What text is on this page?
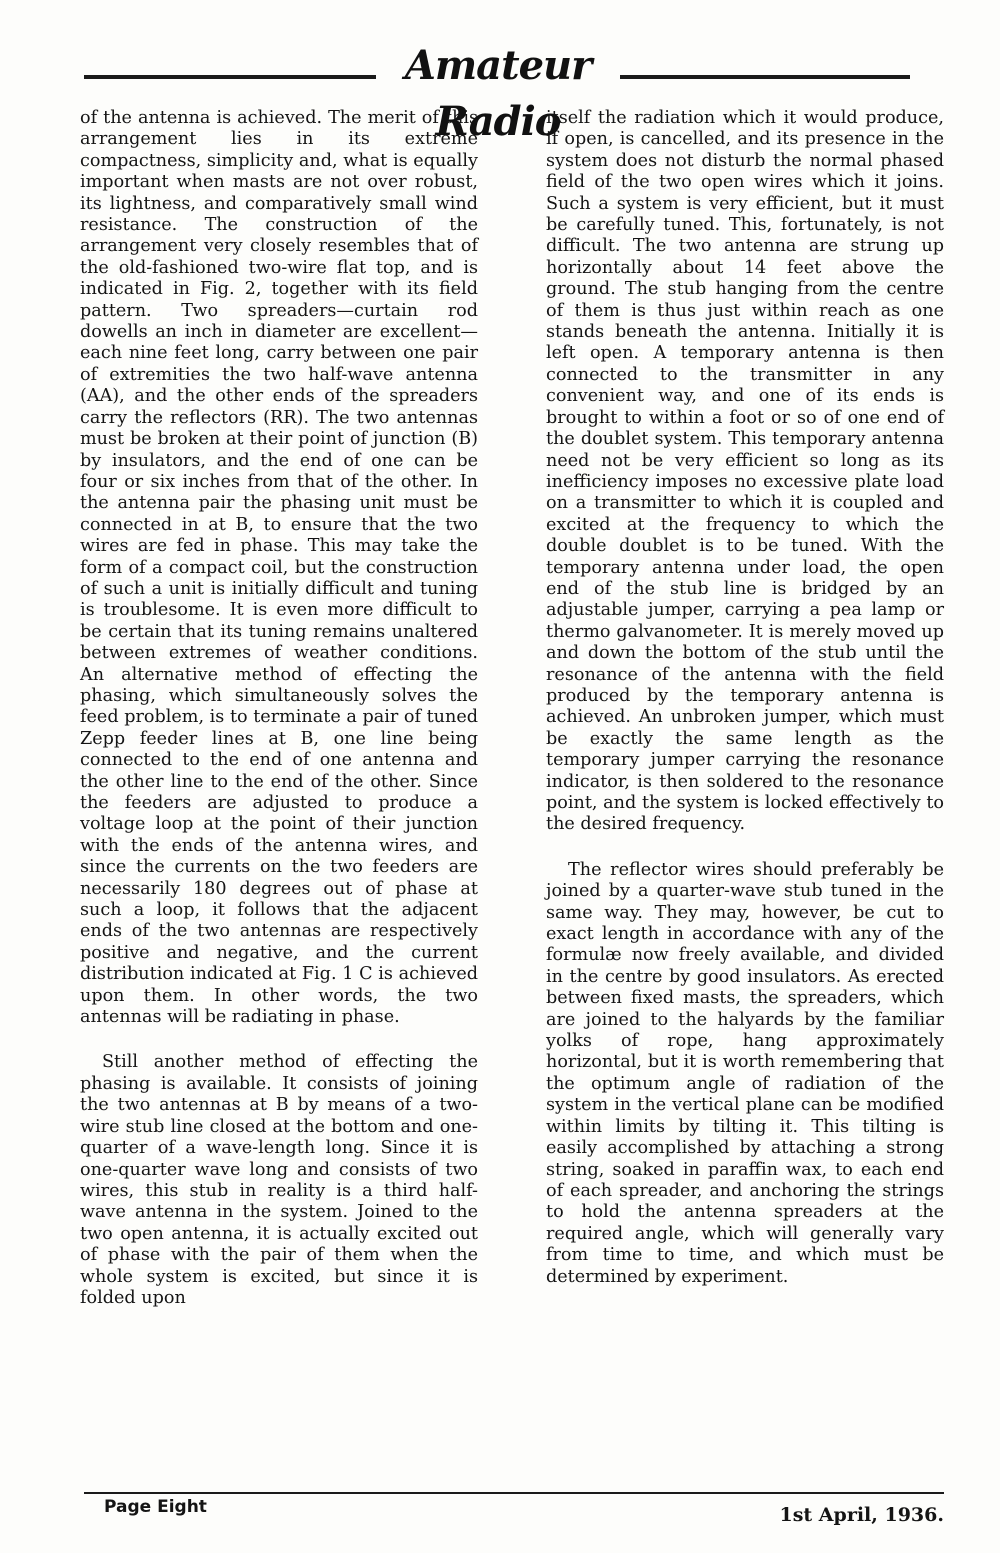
Amateur Radio

of the antenna is achieved. The merit of this arrangement lies in its extreme compactness, simplicity and, what is equally important when masts are not over robust, its lightness, and comparatively small wind resistance. The construction of the arrangement very closely resembles that of the old-fashioned two-wire flat top, and is indicated in Fig. 2, together with its field pattern. Two spreaders—curtain rod dowells an inch in diameter are excellent—each nine feet long, carry between one pair of extremities the two half-wave antenna (AA), and the other ends of the spreaders carry the reflectors (RR). The two antennas must be broken at their point of junction (B) by insulators, and the end of one can be four or six inches from that of the other. In the antenna pair the phasing unit must be connected in at B, to ensure that the two wires are fed in phase. This may take the form of a compact coil, but the construction of such a unit is initially difficult and tuning is troublesome. It is even more difficult to be certain that its tuning remains unaltered between extremes of weather conditions. An alternative method of effecting the phasing, which simultaneously solves the feed problem, is to terminate a pair of tuned Zepp feeder lines at B, one line being connected to the end of one antenna and the other line to the end of the other. Since the feeders are adjusted to produce a voltage loop at the point of their junction with the ends of the antenna wires, and since the currents on the two feeders are necessarily 180 degrees out of phase at such a loop, it follows that the adjacent ends of the two antennas are respectively positive and negative, and the current distribution indicated at Fig. 1 C is achieved upon them. In other words, the two antennas will be radiating in phase.

Still another method of effecting the phasing is available. It consists of joining the two antennas at B by means of a two-wire stub line closed at the bottom and one-quarter of a wave-length long. Since it is one-quarter wave long and consists of two wires, this stub in reality is a third half-wave antenna in the system. Joined to the two open antenna, it is actually excited out of phase with the pair of them when the whole system is excited, but since it is folded upon

itself the radiation which it would produce, if open, is cancelled, and its presence in the system does not disturb the normal phased field of the two open wires which it joins. Such a system is very efficient, but it must be carefully tuned. This, fortunately, is not difficult. The two antenna are strung up horizontally about 14 feet above the ground. The stub hanging from the centre of them is thus just within reach as one stands beneath the antenna. Initially it is left open. A temporary antenna is then connected to the transmitter in any convenient way, and one of its ends is brought to within a foot or so of one end of the doublet system. This temporary antenna need not be very efficient so long as its inefficiency imposes no excessive plate load on a transmitter to which it is coupled and excited at the frequency to which the double doublet is to be tuned. With the temporary antenna under load, the open end of the stub line is bridged by an adjustable jumper, carrying a pea lamp or thermo galvanometer. It is merely moved up and down the bottom of the stub until the resonance of the antenna with the field produced by the temporary antenna is achieved. An unbroken jumper, which must be exactly the same length as the temporary jumper carrying the resonance indicator, is then soldered to the resonance point, and the system is locked effectively to the desired frequency.

The reflector wires should preferably be joined by a quarter-wave stub tuned in the same way. They may, however, be cut to exact length in accordance with any of the formulæ now freely available, and divided in the centre by good insulators. As erected between fixed masts, the spreaders, which are joined to the halyards by the familiar yolks of rope, hang approximately horizontal, but it is worth remembering that the optimum angle of radiation of the system in the vertical plane can be modified within limits by tilting it. This tilting is easily accomplished by attaching a strong string, soaked in paraffin wax, to each end of each spreader, and anchoring the strings to hold the antenna spreaders at the required angle, which will generally vary from time to time, and which must be determined by experiment.

Page Eight	1st April, 1936.
